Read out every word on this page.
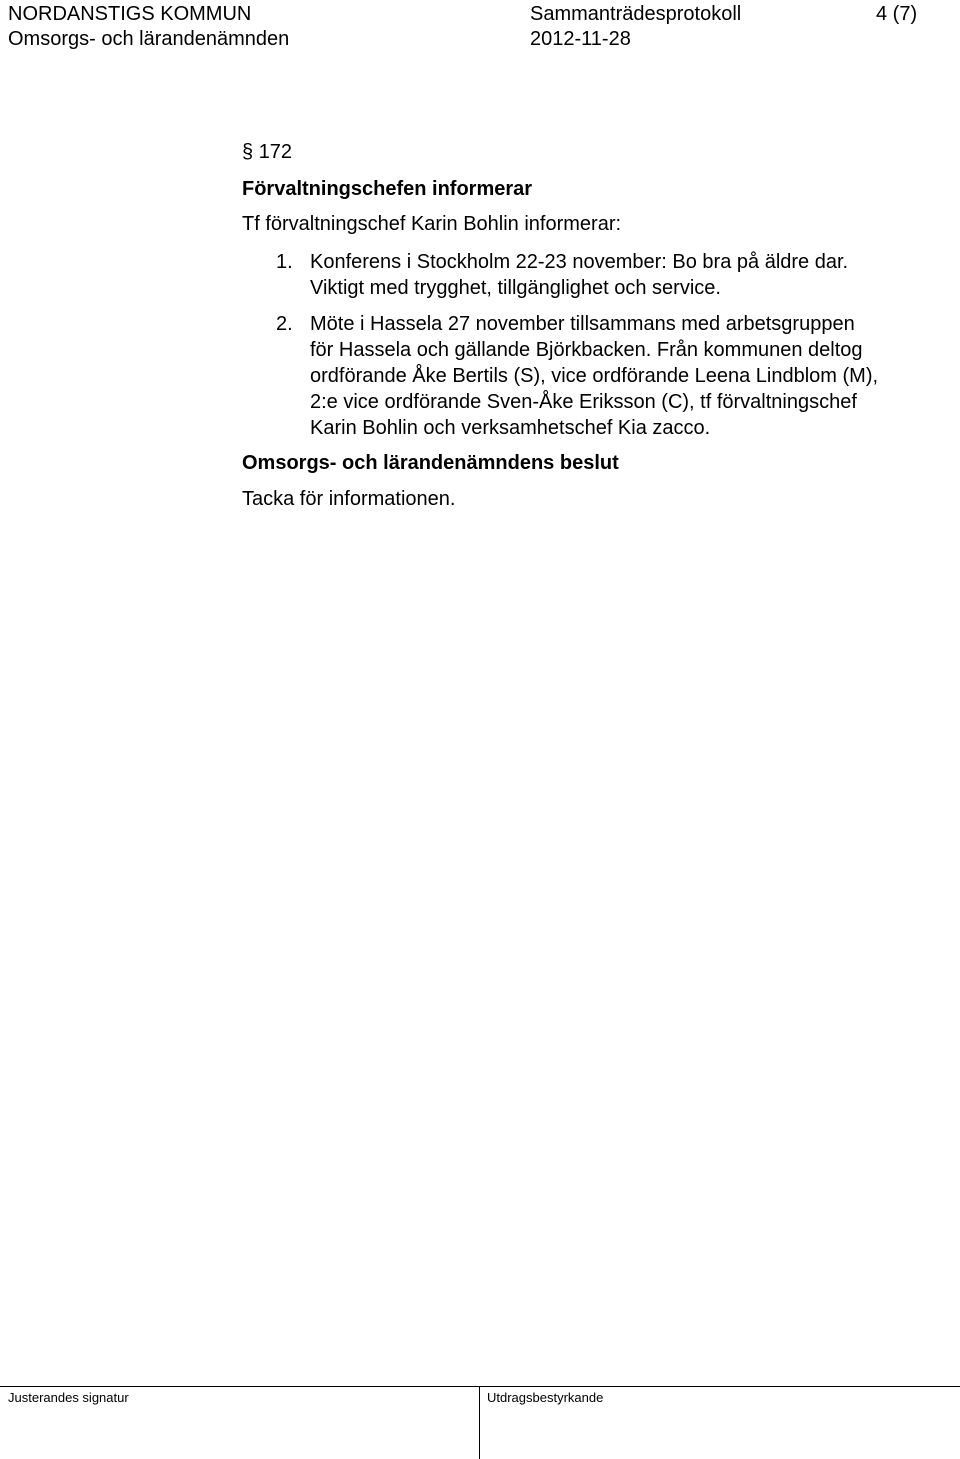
NORDANSTIGS KOMMUN	Sammanträdesprotokoll	4 (7)
Omsorgs- och lärandenämnden	2012-11-28
§ 172
Förvaltningschefen informerar
Tf förvaltningschef Karin Bohlin informerar:
1. Konferens i Stockholm 22-23 november: Bo bra på äldre dar.
Viktigt med trygghet, tillgänglighet och service.
2. Möte i Hassela 27 november tillsammans med arbetsgruppen
för Hassela och gällande Björkbacken. Från kommunen deltog
ordförande Åke Bertils (S), vice ordförande Leena Lindblom (M),
2:e vice ordförande Sven-Åke Eriksson (C), tf förvaltningschef
Karin Bohlin och verksamhetschef Kia zacco.
Omsorgs- och lärandenämndens beslut
Tacka för informationen.
Justerandes signatur	Utdragsbestyrkande
